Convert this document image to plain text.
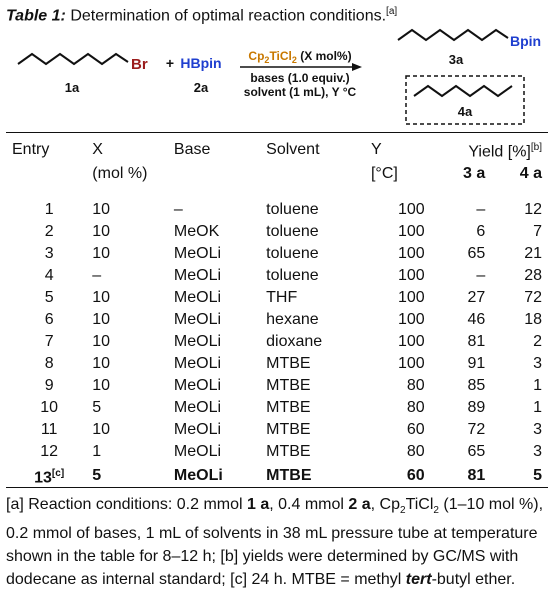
Table 1: Determination of optimal reaction conditions.[a]
Br
1a
+ HBpin
2a
$Cp_2TiCl_2$ (X mol%)
bases (1.0 equiv.)
solvent (1 mL), Y °C
Bpin
3a
4a
Entry	X	Base	Solvent	Y	Yield [%][b]
	(mol %)			[°C]	3 a	4 a
1	10	–	toluene	100	–	12
2	10	MeOK	toluene	100	6	7
3	10	MeOLi	toluene	100	65	21
4	–	MeOLi	toluene	100	–	28
5	10	MeOLi	THF	100	27	72
6	10	MeOLi	hexane	100	46	18
7	10	MeOLi	dioxane	100	81	2
8	10	MeOLi	MTBE	100	91	3
9	10	MeOLi	MTBE	80	85	1
10	5	MeOLi	MTBE	80	89	1
11	10	MeOLi	MTBE	60	72	3
12	1	MeOLi	MTBE	80	65	3
13[c]	5	MeOLi	MTBE	60	81	5
[a] Reaction conditions: 0.2 mmol 1 a, 0.4 mmol 2 a, $Cp_2TiCl_2$ (1–10 mol %), 0.2 mmol of bases, 1 mL of solvents in 38 mL pressure tube at temperature shown in the table for 8–12 h; [b] yields were determined by GC/MS with dodecane as internal standard; [c] 24 h. MTBE = methyl tert-butyl ether.
